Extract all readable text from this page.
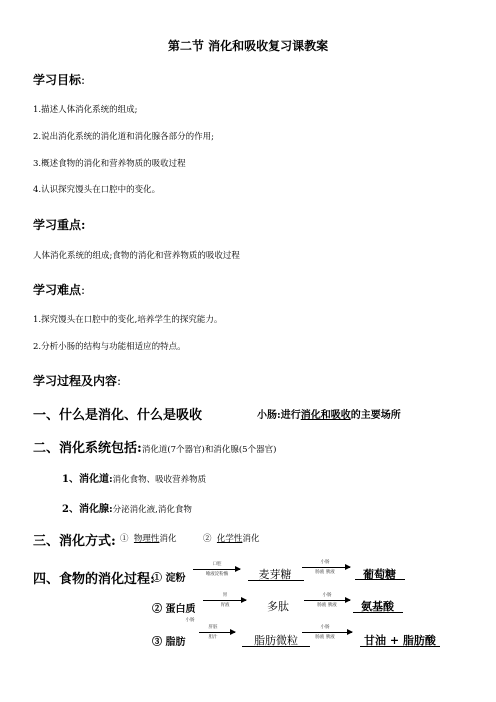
第二节 消化和吸收复习课教案
学习目标:
1.描述人体消化系统的组成;
2.说出消化系统的消化道和消化腺各部分的作用;
3.概述食物的消化和营养物质的吸收过程
4.认识探究馒头在口腔中的变化。
学习重点:
人体消化系统的组成;食物的消化和营养物质的吸收过程
学习难点:
1.探究馒头在口腔中的变化,培养学生的探究能力。
2.分析小肠的结构与功能相适应的特点。
学习过程及内容:
一、什么是消化、什么是吸收	小肠:进行消化和吸收的主要场所
二、消化系统包括:消化道(7个器官)和消化腺(5个器官)
1、消化道:消化食物、吸收营养物质
2、消化腺:分泌消化液,消化食物
三、消化方式: ① 物理性消化	② 化学性消化
四、食物的消化过程:
① 淀粉
口腔
唾液淀粉酶	麦芽糖
小肠
肠液 胰液	葡萄糖
② 蛋白质
胃
胃液	多肽
小肠
肠液 胰液	氨基酸
③ 脂肪
小肠
肝脏
胆汁	脂肪微粒
小肠
肠液 胰液	甘油 + 脂肪酸
